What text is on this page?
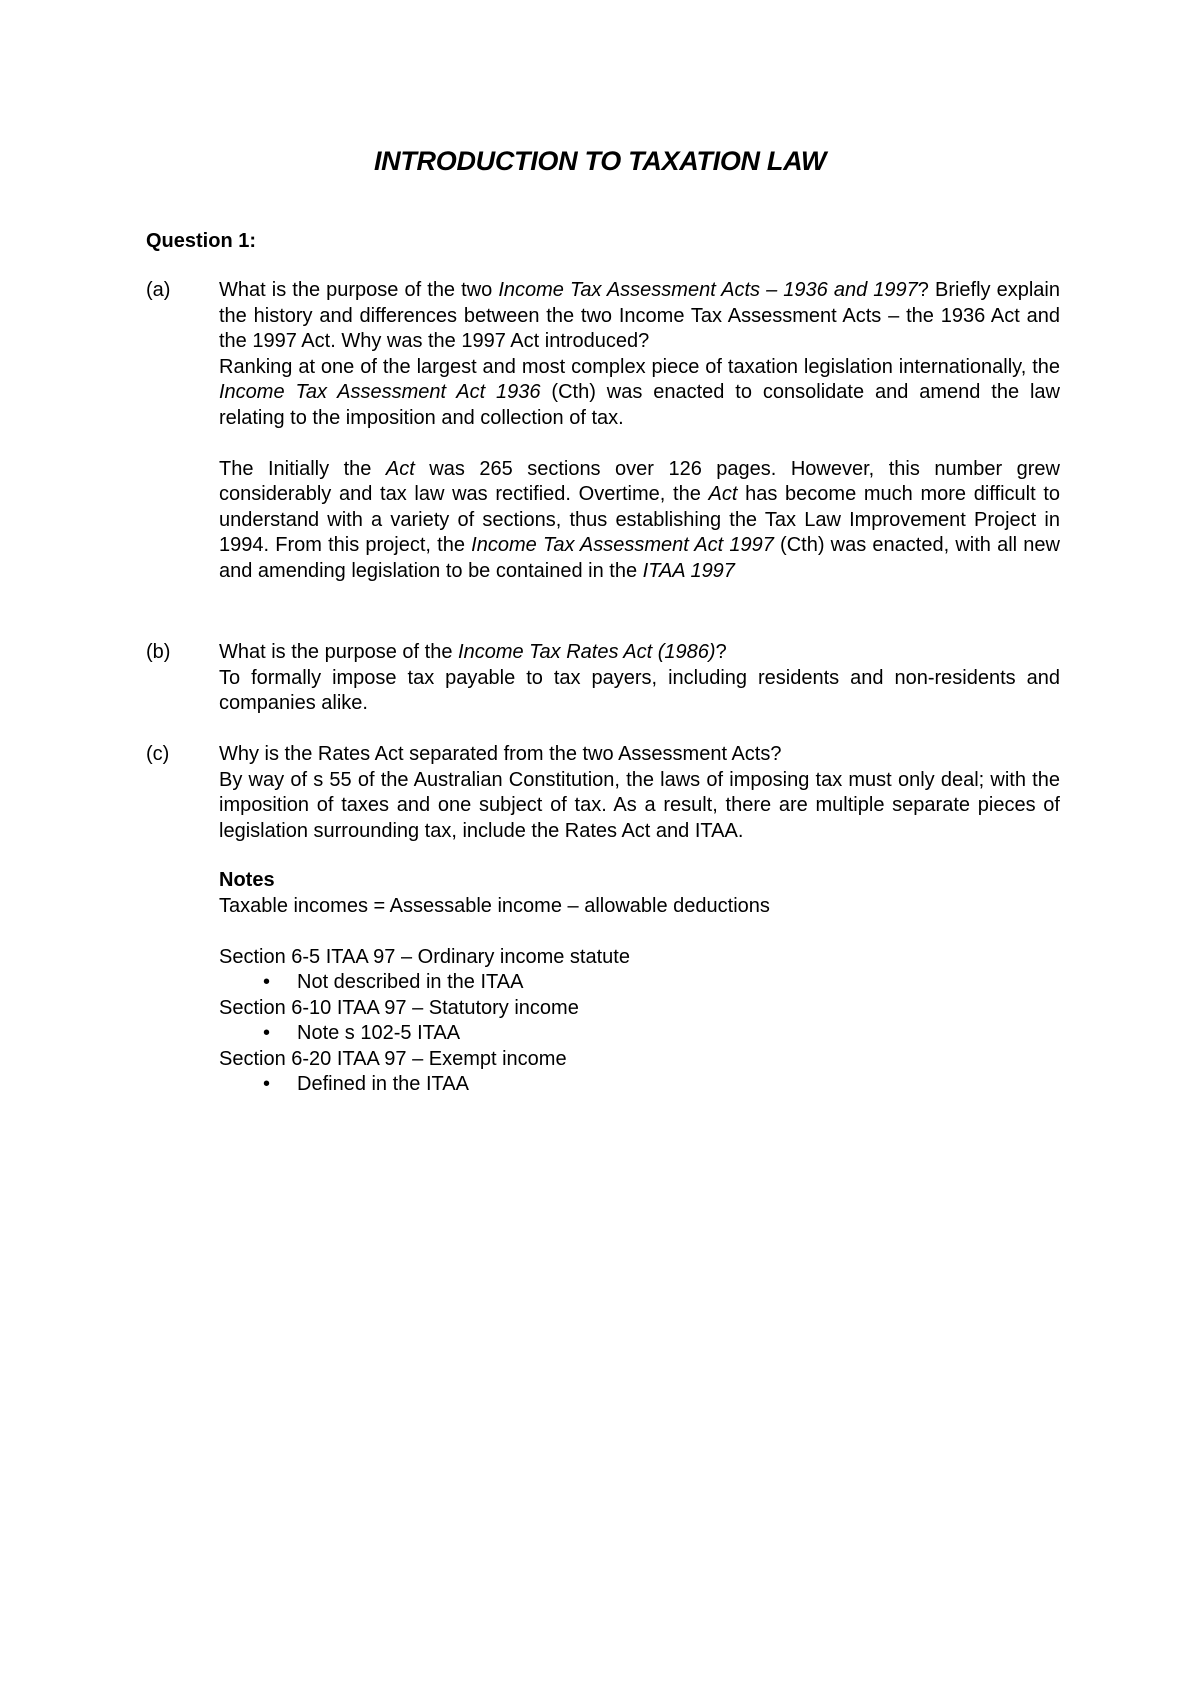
INTRODUCTION TO TAXATION LAW
Question 1:
(a) What is the purpose of the two Income Tax Assessment Acts – 1936 and 1997? Briefly explain the history and differences between the two Income Tax Assessment Acts – the 1936 Act and the 1997 Act. Why was the 1997 Act introduced?

Ranking at one of the largest and most complex piece of taxation legislation internationally, the Income Tax Assessment Act 1936 (Cth) was enacted to consolidate and amend the law relating to the imposition and collection of tax.

The Initially the Act was 265 sections over 126 pages. However, this number grew considerably and tax law was rectified. Overtime, the Act has become much more difficult to understand with a variety of sections, thus establishing the Tax Law Improvement Project in 1994. From this project, the Income Tax Assessment Act 1997 (Cth) was enacted, with all new and amending legislation to be contained in the ITAA 1997

(b) What is the purpose of the Income Tax Rates Act (1986)?

To formally impose tax payable to tax payers, including residents and non-residents and companies alike.

(c) Why is the Rates Act separated from the two Assessment Acts?

By way of s 55 of the Australian Constitution, the laws of imposing tax must only deal; with the imposition of taxes and one subject of tax. As a result, there are multiple separate pieces of legislation surrounding tax, include the Rates Act and ITAA.

Notes
Taxable incomes = Assessable income – allowable deductions
Section 6-5 ITAA 97 – Ordinary income statute
• Not described in the ITAA
Section 6-10 ITAA 97 – Statutory income
• Note s 102-5 ITAA
Section 6-20 ITAA 97 – Exempt income
• Defined in the ITAA
